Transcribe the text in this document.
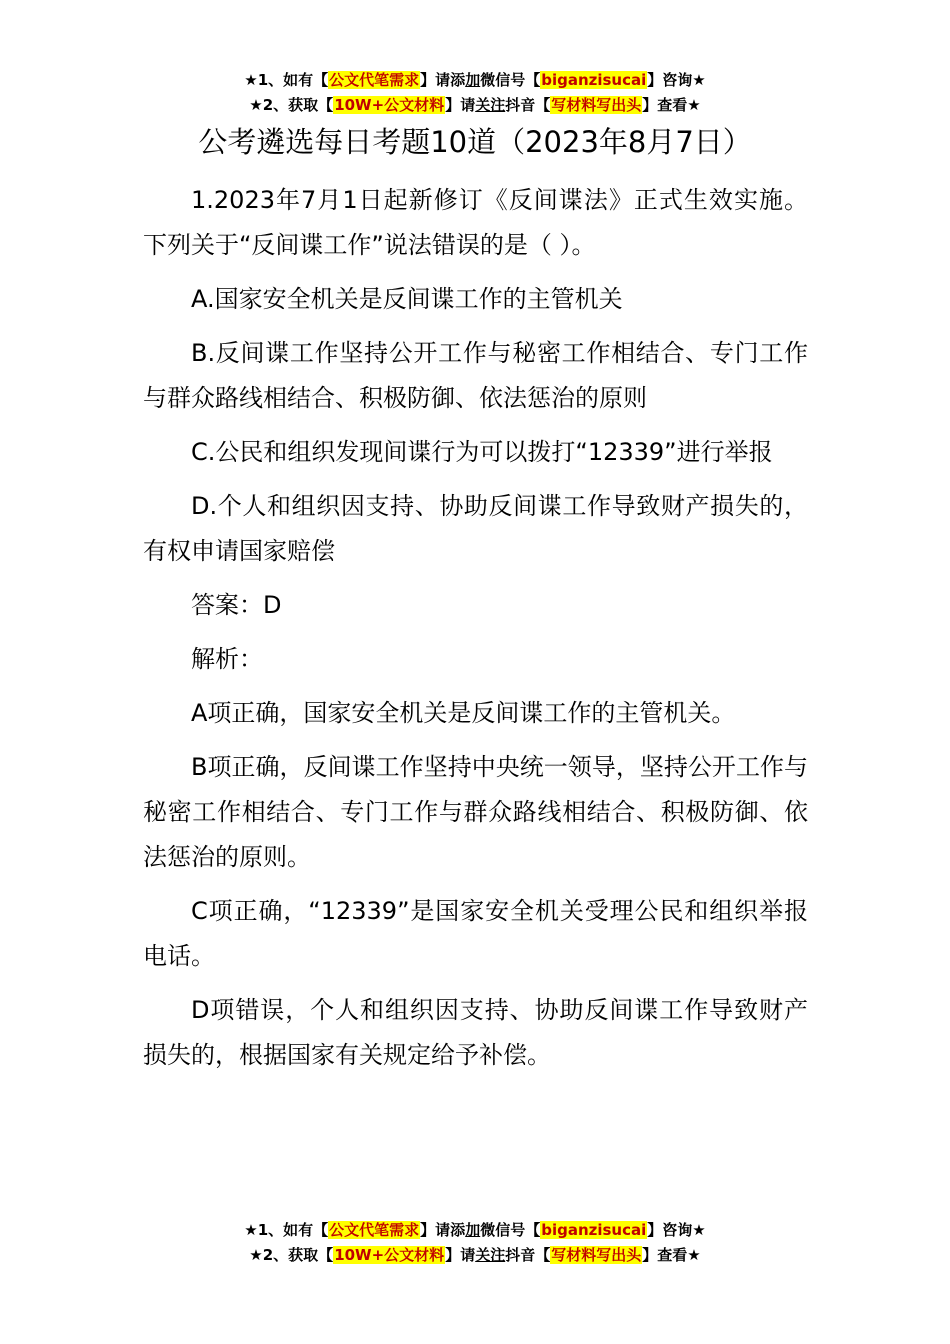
★1、如有【公文代笔需求】请添加微信号【biganzisucai】咨询★
★2、获取【10W+公文材料】请关注抖音【写材料写出头】查看★
公考遴选每日考题10道（2023年8月7日）

1.2023年7月1日起新修订《反间谍法》正式生效实施。下列关于“反间谍工作”说法错误的是（ ）。

A.国家安全机关是反间谍工作的主管机关

B.反间谍工作坚持公开工作与秘密工作相结合、专门工作与群众路线相结合、积极防御、依法惩治的原则

C.公民和组织发现间谍行为可以拨打“12339”进行举报

D.个人和组织因支持、协助反间谍工作导致财产损失的，有权申请国家赔偿

答案：D

解析：

A项正确，国家安全机关是反间谍工作的主管机关。

B项正确，反间谍工作坚持中央统一领导，坚持公开工作与秘密工作相结合、专门工作与群众路线相结合、积极防御、依法惩治的原则。

C项正确，“12339”是国家安全机关受理公民和组织举报电话。

D项错误，个人和组织因支持、协助反间谍工作导致财产损失的，根据国家有关规定给予补偿。

★1、如有【公文代笔需求】请添加微信号【biganzisucai】咨询★
★2、获取【10W+公文材料】请关注抖音【写材料写出头】查看★
